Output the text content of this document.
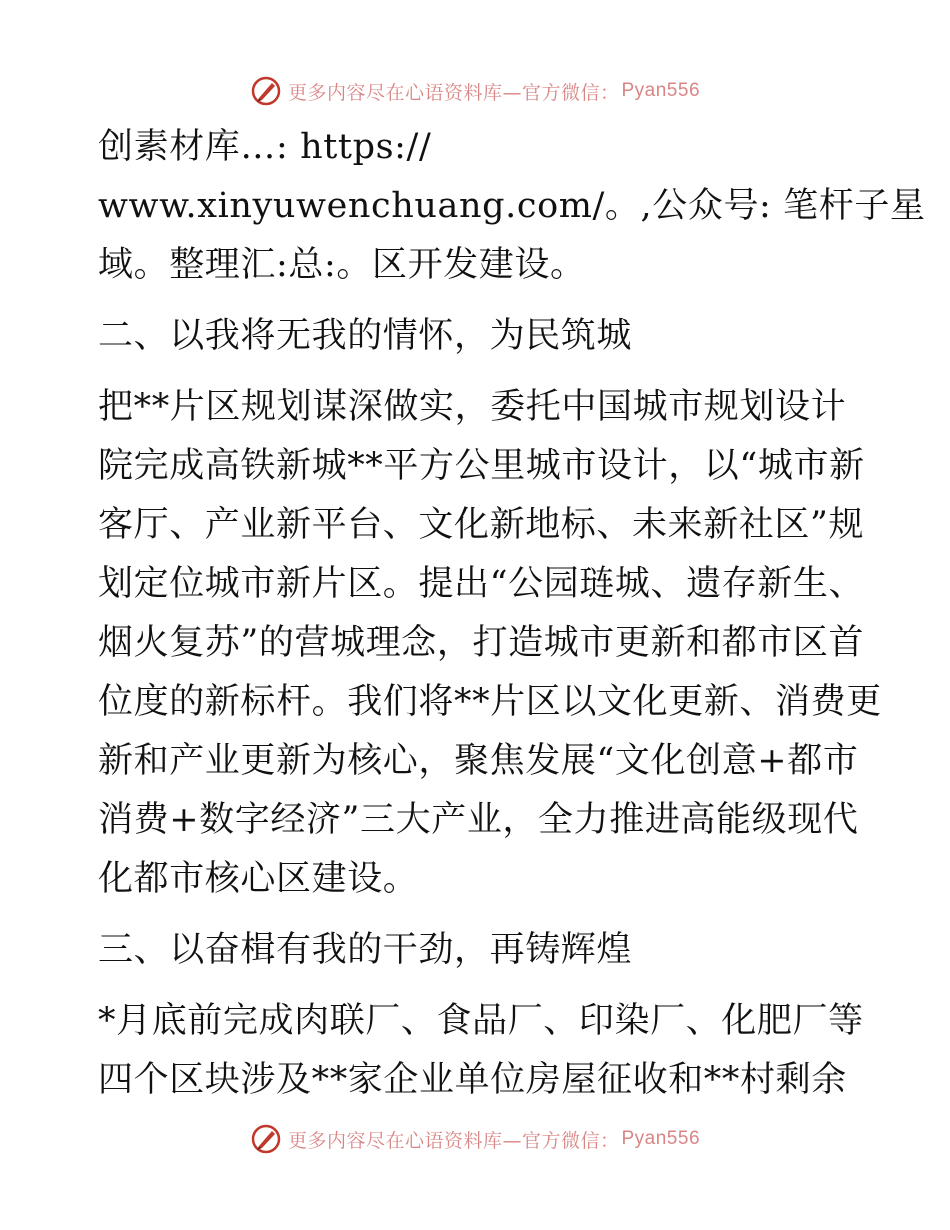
更多内容尽在心语资料库—官方微信： Pyan556
创素材库…: https://
www.xinyuwenchuang.com/。,公众号: 笔杆子星
域。整理汇:总:。区开发建设。
二、以我将无我的情怀，为民筑城
把**片区规划谋深做实，委托中国城市规划设计
院完成高铁新城**平方公里城市设计，以“城市新
客厅、产业新平台、文化新地标、未来新社区”规
划定位城市新片区。提出“公园琏城、遗存新生、
烟火复苏”的营城理念，打造城市更新和都市区首
位度的新标杆。我们将**片区以文化更新、消费更
新和产业更新为核心，聚焦发展“文化创意+都市
消费+数字经济”三大产业，全力推进高能级现代
化都市核心区建设。
三、以奋楫有我的干劲，再铸辉煌
*月底前完成肉联厂、食品厂、印染厂、化肥厂等
四个区块涉及**家企业单位房屋征收和**村剩余
更多内容尽在心语资料库—官方微信： Pyan556
